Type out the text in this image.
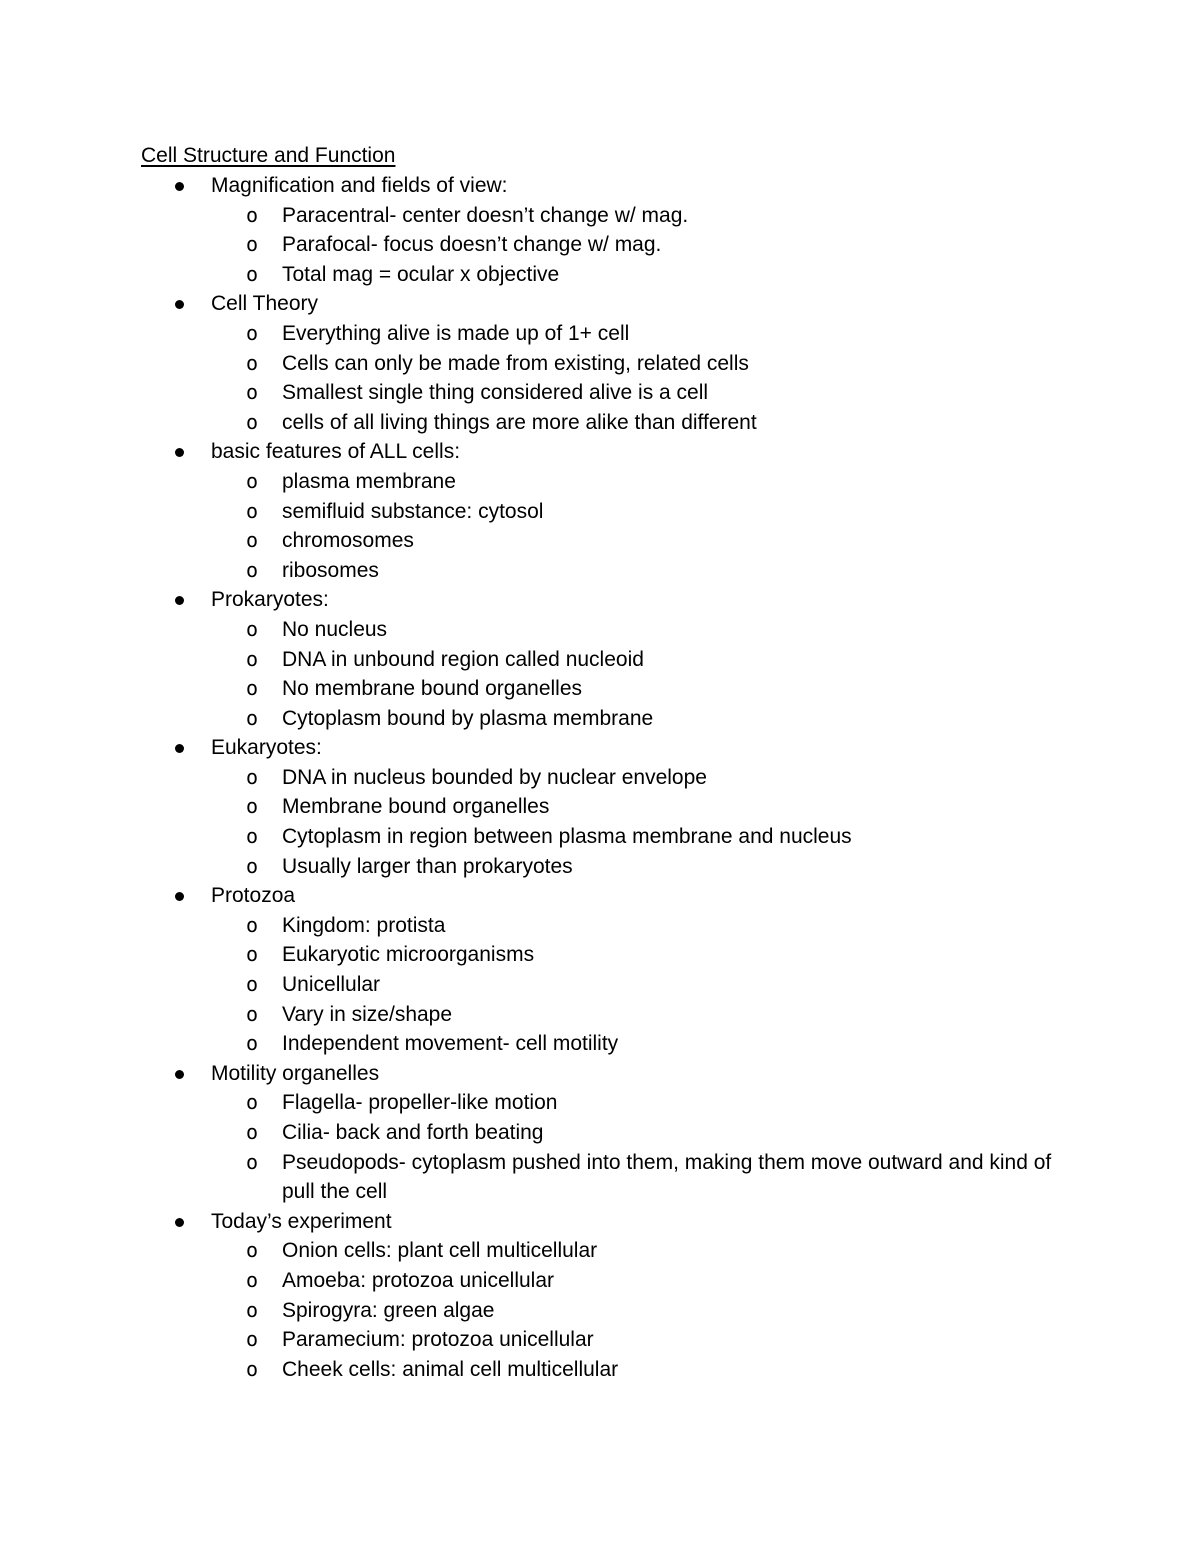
Cell Structure and Function
Magnification and fields of view:
o Paracentral- center doesn’t change w/ mag.
o Parafocal- focus doesn’t change w/ mag.
o Total mag = ocular x objective
Cell Theory
o Everything alive is made up of 1+ cell
o Cells can only be made from existing, related cells
o Smallest single thing considered alive is a cell
o cells of all living things are more alike than different
basic features of ALL cells:
o plasma membrane
o semifluid substance: cytosol
o chromosomes
o ribosomes
Prokaryotes:
o No nucleus
o DNA in unbound region called nucleoid
o No membrane bound organelles
o Cytoplasm bound by plasma membrane
Eukaryotes:
o DNA in nucleus bounded by nuclear envelope
o Membrane bound organelles
o Cytoplasm in region between plasma membrane and nucleus
o Usually larger than prokaryotes
Protozoa
o Kingdom: protista
o Eukaryotic microorganisms
o Unicellular
o Vary in size/shape
o Independent movement- cell motility
Motility organelles
o Flagella- propeller-like motion
o Cilia- back and forth beating
o Pseudopods- cytoplasm pushed into them, making them move outward and kind of pull the cell
Today’s experiment
o Onion cells: plant cell multicellular
o Amoeba: protozoa unicellular
o Spirogyra: green algae
o Paramecium: protozoa unicellular
o Cheek cells: animal cell multicellular
